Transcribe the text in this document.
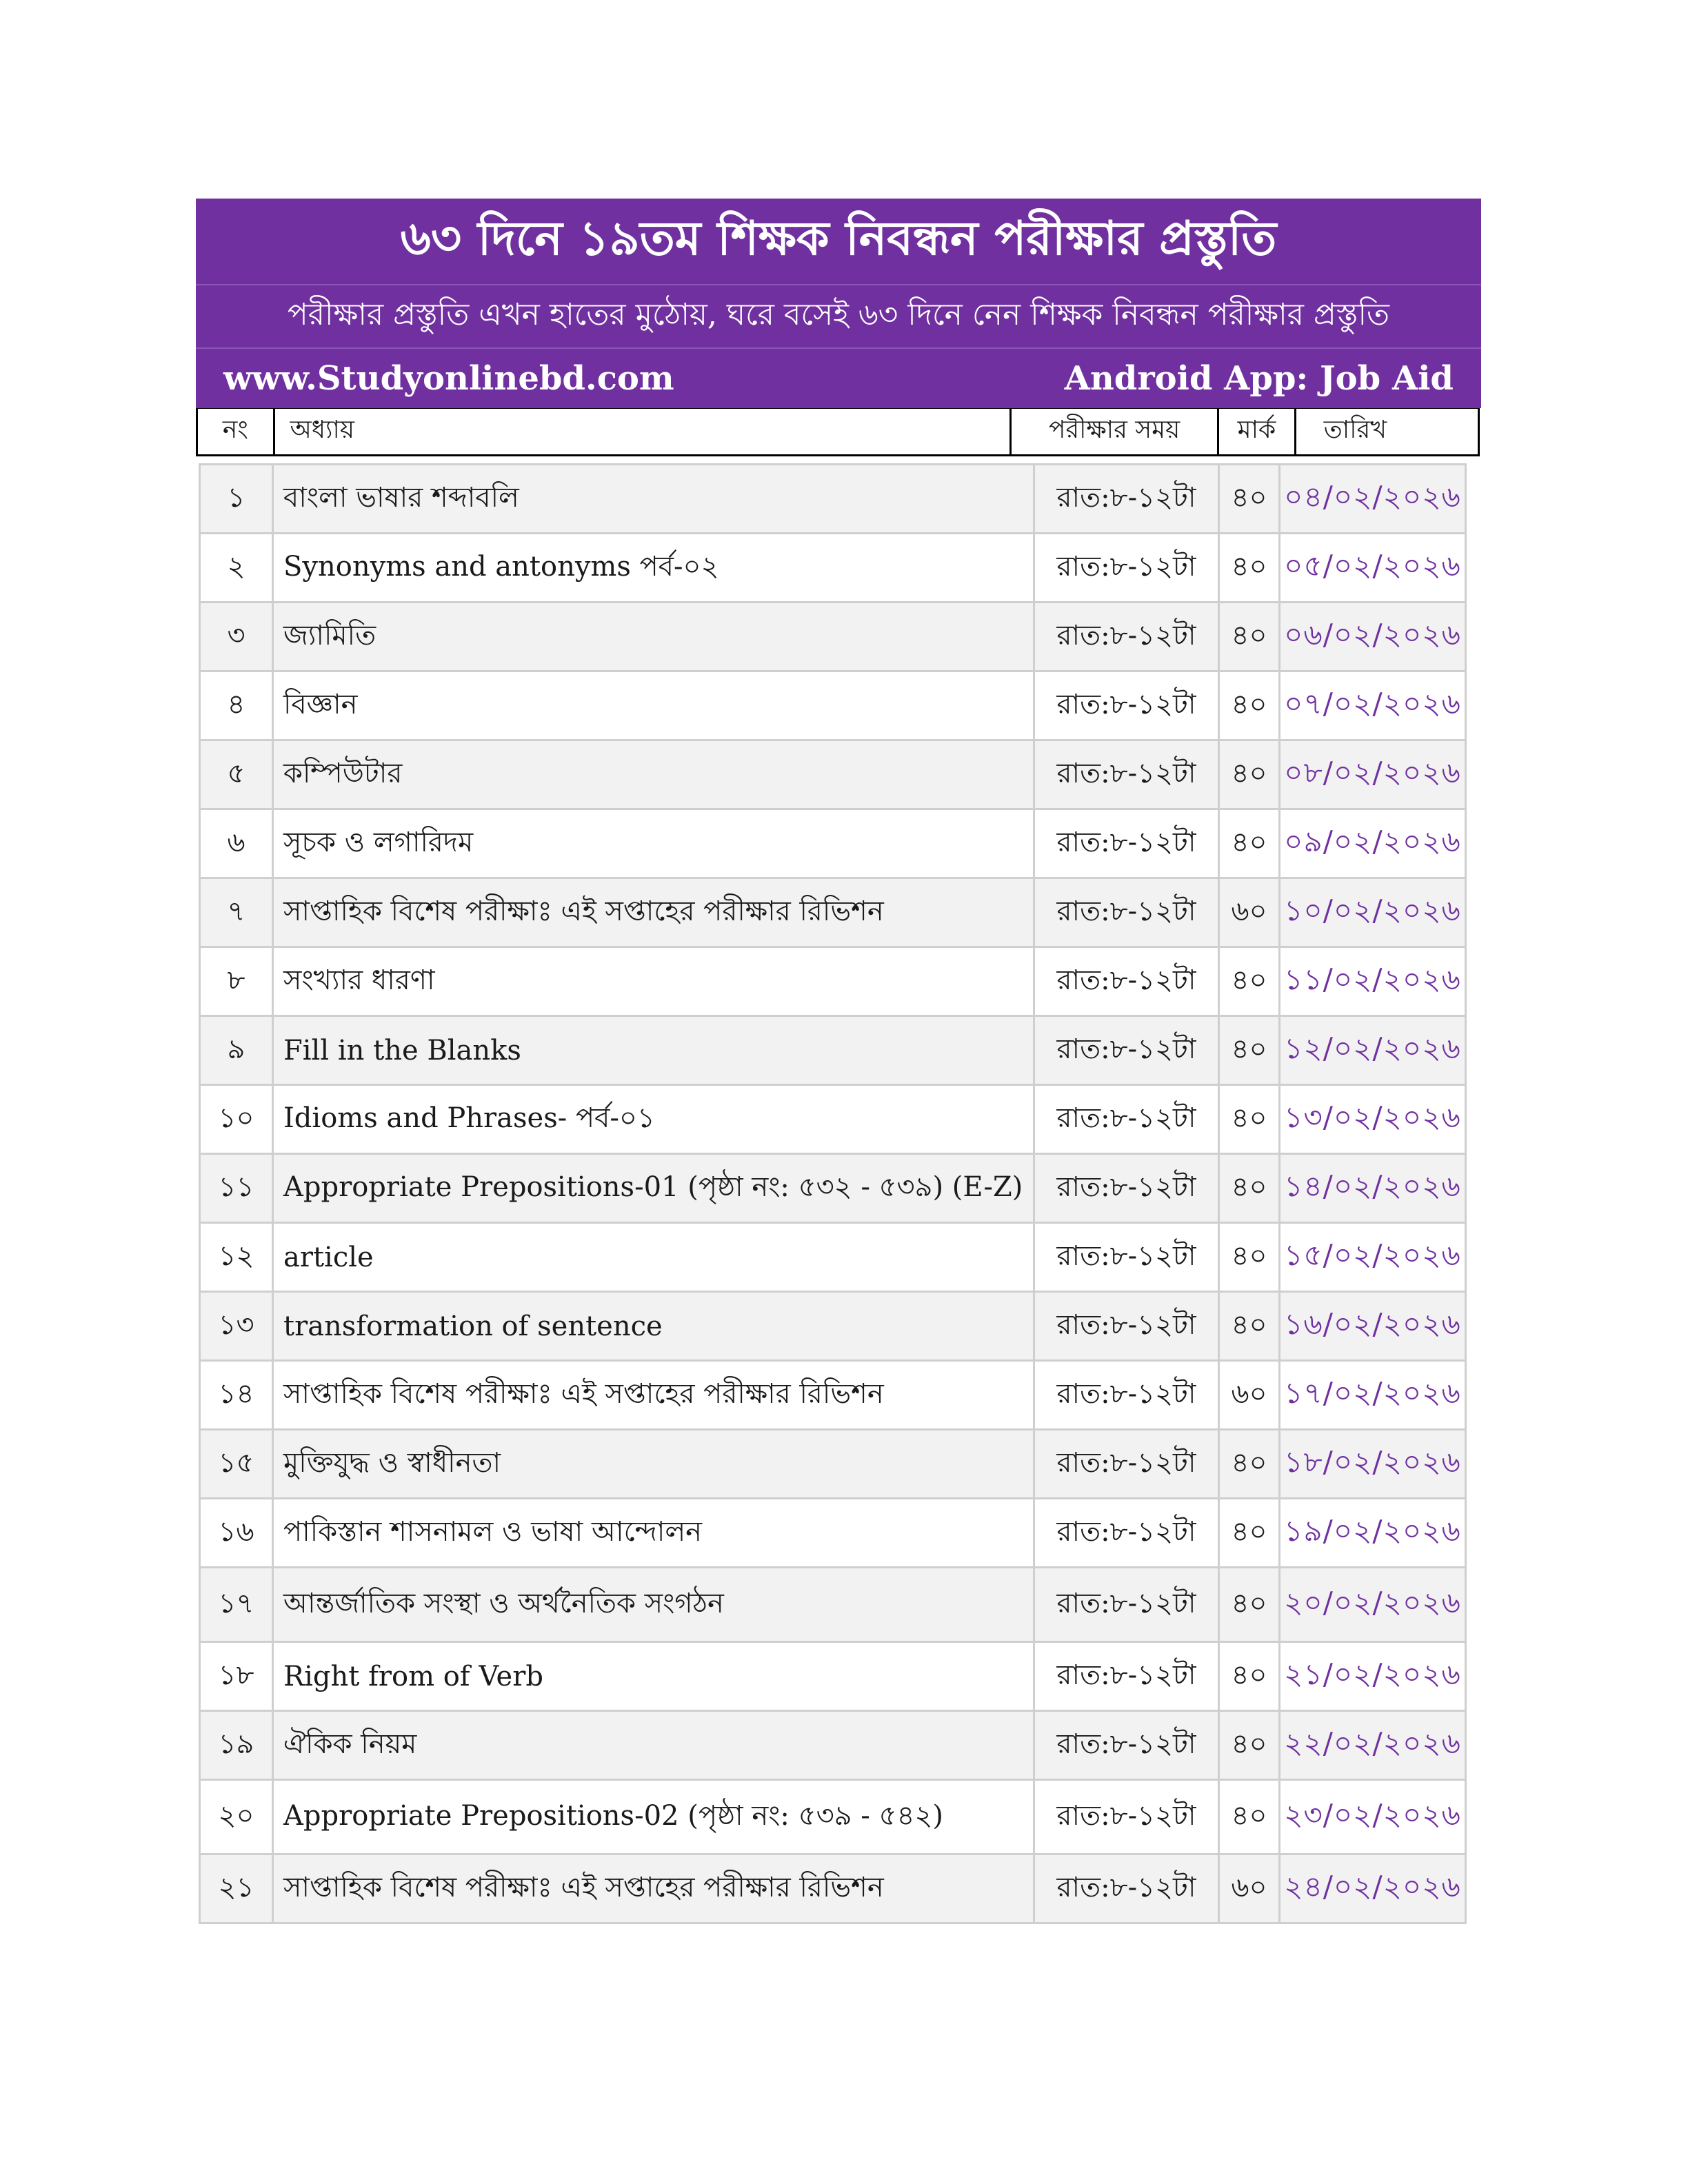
৬৩ দিনে ১৯তম শিক্ষক নিবন্ধন পরীক্ষার প্রস্তুতি
পরীক্ষার প্রস্তুতি এখন হাতের মুঠোয়, ঘরে বসেই ৬৩ দিনে নেন শিক্ষক নিবন্ধন পরীক্ষার প্রস্তুতি
www.Studyonlinebd.com	Android App: Job Aid
নং	অধ্যায়	পরীক্ষার সময়	মার্ক	তারিখ
১	বাংলা ভাষার শব্দাবলি	রাত:৮-১২টা	৪০ ০৪/০২/২০২৬
২	Synonyms and antonyms পর্ব-০২	রাত:৮-১২টা	৪০ ০৫/০২/২০২৬
৩	জ্যামিতি	রাত:৮-১২টা	৪০ ০৬/০২/২০২৬
৪	বিজ্ঞান	রাত:৮-১২টা	৪০ ০৭/০২/২০২৬
৫	কম্পিউটার	রাত:৮-১২টা	৪০ ০৮/০২/২০২৬
৬	সূচক ও লগারিদম	রাত:৮-১২টা	৪০ ০৯/০২/২০২৬
৭	সাপ্তাহিক বিশেষ পরীক্ষাঃ এই সপ্তাহের পরীক্ষার রিভিশন	রাত:৮-১২টা	৬০ ১০/০২/২০২৬
৮	সংখ্যার ধারণা	রাত:৮-১২টা	৪০ ১১/০২/২০২৬
৯	Fill in the Blanks	রাত:৮-১২টা	৪০ ১২/০২/২০২৬
১০	Idioms and Phrases- পর্ব-০১	রাত:৮-১২টা	৪০ ১৩/০২/২০২৬
১১	Appropriate Prepositions-01 (পৃষ্ঠা নং: ৫৩২ - ৫৩৯) (E-Z)	রাত:৮-১২টা	৪০ ১৪/০২/২০২৬
১২	article	রাত:৮-১২টা	৪০ ১৫/০২/২০২৬
১৩	transformation of sentence	রাত:৮-১২টা	৪০ ১৬/০২/২০২৬
১৪	সাপ্তাহিক বিশেষ পরীক্ষাঃ এই সপ্তাহের পরীক্ষার রিভিশন	রাত:৮-১২টা	৬০ ১৭/০২/২০২৬
১৫	মুক্তিযুদ্ধ ও স্বাধীনতা	রাত:৮-১২টা	৪০ ১৮/০২/২০২৬
১৬	পাকিস্তান শাসনামল ও ভাষা আন্দোলন	রাত:৮-১২টা	৪০ ১৯/০২/২০২৬
১৭	আন্তর্জাতিক সংস্থা ও অর্থনৈতিক সংগঠন	রাত:৮-১২টা	৪০ ২০/০২/২০২৬
১৮	Right from of Verb	রাত:৮-১২টা	৪০ ২১/০২/২০২৬
১৯	ঐকিক নিয়ম	রাত:৮-১২টা	৪০ ২২/০২/২০২৬
২০	Appropriate Prepositions-02 (পৃষ্ঠা নং: ৫৩৯ - ৫৪২)	রাত:৮-১২টা	৪০ ২৩/০২/২০২৬
২১	সাপ্তাহিক বিশেষ পরীক্ষাঃ এই সপ্তাহের পরীক্ষার রিভিশন	রাত:৮-১২টা	৬০ ২৪/০২/২০২৬
